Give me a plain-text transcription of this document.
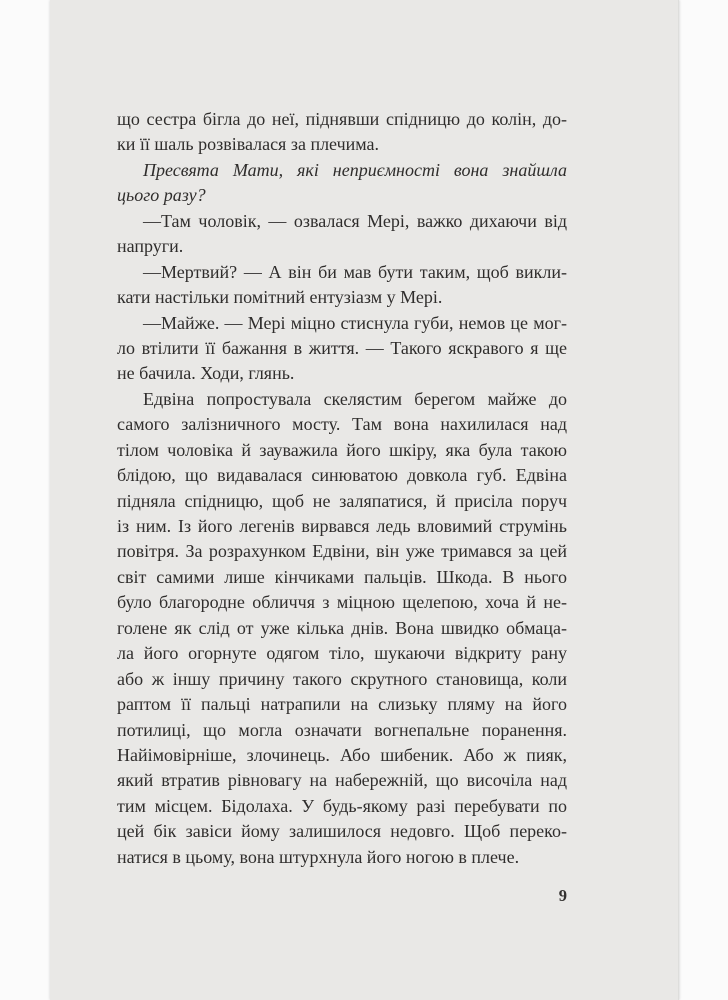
що сестра бігла до неї, піднявши спідницю до колін, до-
ки її шаль розвівалася за плечима.
Пресвята Мати, які неприємності вона знайшла
цього разу?
—Там чоловік, — озвалася Мері, важко дихаючи від
напруги.
—Мертвий? — А він би мав бути таким, щоб викли-
кати настільки помітний ентузіазм у Мері.
—Майже. — Мері міцно стиснула губи, немов це мог-
ло втілити її бажання в життя. — Такого яскравого я ще
не бачила. Ходи, глянь.
Едвіна попростувала скелястим берегом майже до
самого залізничного мосту. Там вона нахилилася над
тілом чоловіка й зауважила його шкіру, яка була такою
блідою, що видавалася синюватою довкола губ. Едвіна
підняла спідницю, щоб не заляпатися, й присіла поруч
із ним. Із його легенів вирвався ледь вловимий струмінь
повітря. За розрахунком Едвіни, він уже тримався за цей
світ самими лише кінчиками пальців. Шкода. В нього
було благородне обличчя з міцною щелепою, хоча й не-
голене як слід от уже кілька днів. Вона швидко обмаца-
ла його огорнуте одягом тіло, шукаючи відкриту рану
або ж іншу причину такого скрутного становища, коли
раптом її пальці натрапили на слизьку пляму на його
потилиці, що могла означати вогнепальне поранення.
Найімовірніше, злочинець. Або шибеник. Або ж пияк,
який втратив рівновагу на набережній, що височіла над
тим місцем. Бідолаха. У будь-якому разі перебувати по
цей бік завіси йому залишилося недовго. Щоб переко-
натися в цьому, вона штурхнула його ногою в плече.
9
